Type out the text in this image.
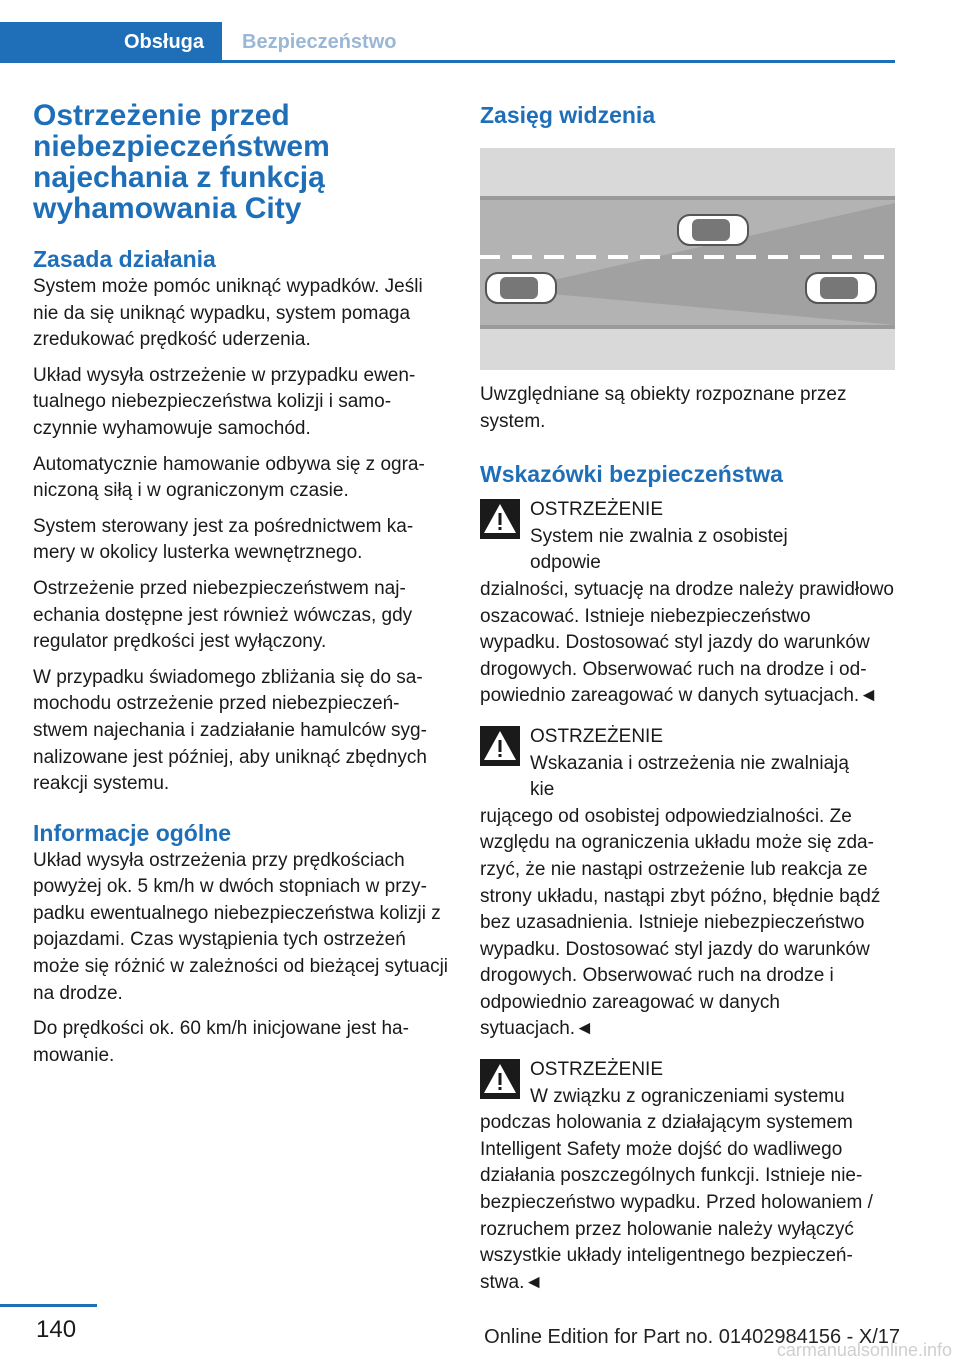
Obsługa	Bezpieczeństwo
Ostrzeżenie przed niebezpieczeństwem najechania z funkcją wyhamowania City
Zasada działania

System może pomóc uniknąć wypadków. Jeśli nie da się uniknąć wypadku, system pomaga zredukować prędkość uderzenia.

Układ wysyła ostrzeżenie w przypadku ewentualnego niebezpieczeństwa kolizji i samoczynnie wyhamowuje samochód.

Automatycznie hamowanie odbywa się z ograniczoną siłą i w ograniczonym czasie.

System sterowany jest za pośrednictwem kamery w okolicy lusterka wewnętrznego.

Ostrzeżenie przed niebezpieczeństwem najechania dostępne jest również wówczas, gdy regulator prędkości jest wyłączony.

W przypadku świadomego zbliżania się do samochodu ostrzeżenie przed niebezpieczeństwem najechania i zadziałanie hamulców sygnalizowane jest później, aby uniknąć zbędnych reakcji systemu.

Informacje ogólne

Układ wysyła ostrzeżenia przy prędkościach powyżej ok. 5 km/h w dwóch stopniach w przypadku ewentualnego niebezpieczeństwa kolizji z pojazdami. Czas wystąpienia tych ostrzeżeń może się różnić w zależności od bieżącej sytuacji na drodze.

Do prędkości ok. 60 km/h inicjowane jest hamowanie.

Zasięg widzenia

Uwzględniane są obiekty rozpoznane przez system.

Wskazówki bezpieczeństwa
OSTRZEŻENIE
System nie zwalnia z osobistej odpowie

dzialności, sytuację na drodze należy prawidłowo oszacować. Istnieje niebezpieczeństwo wypadku. Dostosować styl jazdy do warunków drogowych. Obserwować ruch na drodze i odpowiednio zareagować w danych sytuacjach.◄

OSTRZEŻENIE
Wskazania i ostrzeżenia nie zwalniają kie

rującego od osobistej odpowiedzialności. Ze względu na ograniczenia układu może się zdarzyć, że nie nastąpi ostrzeżenie lub reakcja ze strony układu, nastąpi zbyt późno, błędnie bądź bez uzasadnienia. Istnieje niebezpieczeństwo wypadku. Dostosować styl jazdy do warunków drogowych. Obserwować ruch na drodze i odpowiednio zareagować w danych sytuacjach.◄

OSTRZEŻENIE
W związku z ograniczeniami systemu

podczas holowania z działającym systemem Intelligent Safety może dojść do wadliwego działania poszczególnych funkcji. Istnieje niebezpieczeństwo wypadku. Przed holowaniem / rozruchem przez holowanie należy wyłączyć wszystkie układy inteligentnego bezpieczeństwa.◄

140	Online Edition for Part no. 01402984156 - X/17
carmanualsonline.info
